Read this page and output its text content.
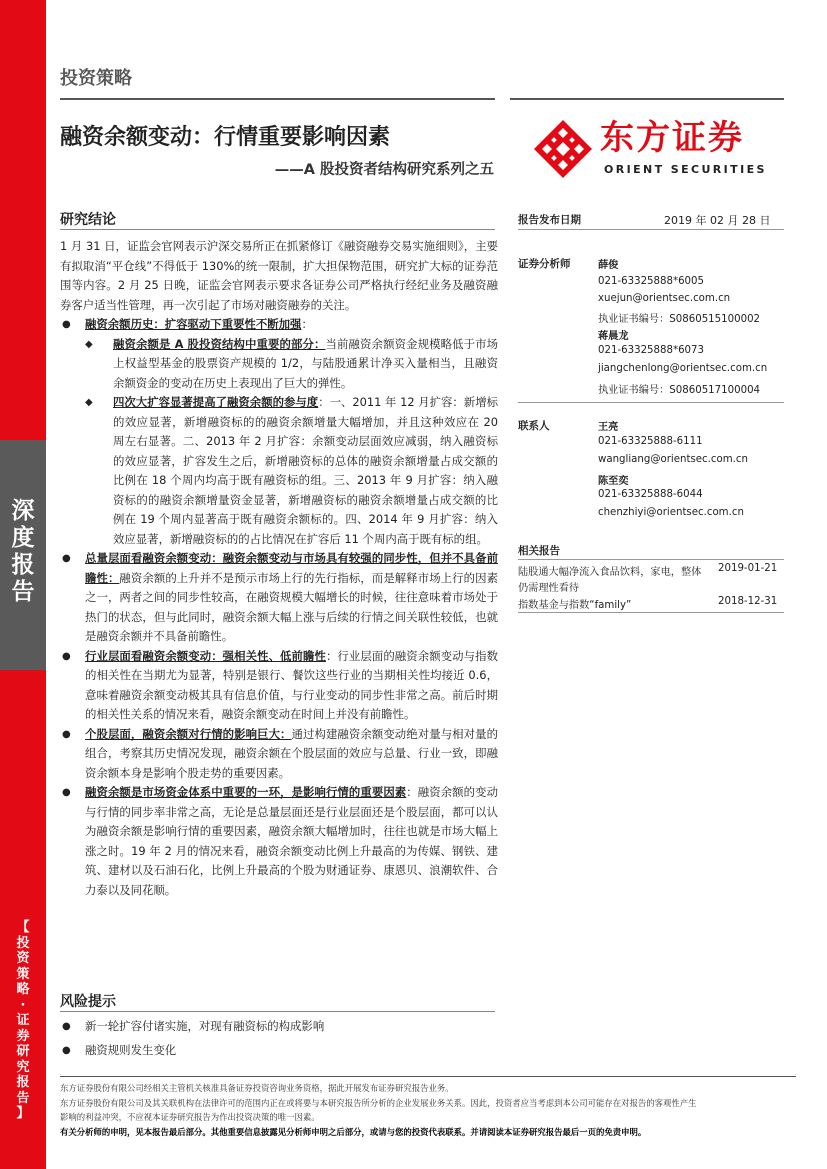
深
度
报
告
【
投
资
策
略
·
证
券
研
究
报
告
】
投资策略
融资余额变动：行情重要影响因素
——A 股投资者结构研究系列之五
东方证券
ORIENT SECURITIES
研究结论

1 月 31 日，证监会官网表示沪深交易所正在抓紧修订《融资融券交易实施细则》，主要有拟取消“平仓线”不得低于 130%的统一限制，扩大担保物范围，研究扩大标的证券范围等内容。2 月 25 日晚，证监会官网表示要求各证券公司严格执行经纪业务及融资融券客户适当性管理，再一次引起了市场对融资融券的关注。

● 融资余额历史：扩容驱动下重要性不断加强：

◆ 融资余额是 A 股投资结构中重要的部分：当前融资余额资金规模略低于市场上权益型基金的股票资产规模的 1/2，与陆股通累计净买入量相当，且融资余额资金的变动在历史上表现出了巨大的弹性。

◆ 四次大扩容显著提高了融资余额的参与度：一、2011 年 12 月扩容：新增标的效应显著，新增融资标的的融资余额增量大幅增加，并且这种效应在 20 周左右显著。二、2013 年 2 月扩容：余额变动层面效应减弱，纳入融资标的效应显著，扩容发生之后，新增融资标的总体的融资余额增量占成交额的比例在 18 个周内均高于既有融资标的组。三、2013 年 9 月扩容：纳入融资标的的融资余额增量资金显著，新增融资标的融资余额增量占成交额的比例在 19 个周内显著高于既有融资余额标的。四、2014 年 9 月扩容：纳入效应显著，新增融资标的的占比情况在扩容后 11 个周内高于既有标的组。

● 总量层面看融资余额变动：融资余额变动与市场具有较强的同步性，但并不具备前瞻性：融资余额的上升并不是预示市场上行的先行指标，而是解释市场上行的因素之一，两者之间的同步性较高，在融资规模大幅增长的时候，往往意味着市场处于热门的状态，但与此同时，融资余额大幅上涨与后续的行情之间关联性较低，也就是融资余额并不具备前瞻性。

● 行业层面看融资余额变动：强相关性、低前瞻性：行业层面的融资余额变动与指数的相关性在当期尤为显著，特别是银行、餐饮这些行业的当期相关性均接近 0.6，意味着融资余额变动极其具有信息价值，与行业变动的同步性非常之高。前后时期的相关性关系的情况来看，融资余额变动在时间上并没有前瞻性。

● 个股层面，融资余额对行情的影响巨大：通过构建融资余额变动绝对量与相对量的组合，考察其历史情况发现，融资余额在个股层面的效应与总量、行业一致，即融资余额本身是影响个股走势的重要因素。

● 融资余额是市场资金体系中重要的一环，是影响行情的重要因素：融资余额的变动与行情的同步率非常之高，无论是总量层面还是行业层面还是个股层面，都可以认为融资余额是影响行情的重要因素，融资余额大幅增加时，往往也就是市场大幅上涨之时。19 年 2 月的情况来看，融资余额变动比例上升最高的为传媒、钢铁、建筑、建材以及石油石化，比例上升最高的个股为财通证券、康恩贝、浪潮软件、合力泰以及同花顺。

风险提示

● 新一轮扩容付诸实施，对现有融资标的构成影响

● 融资规则发生变化

报告发布日期	2019 年 02 月 28 日
证券分析师	薛俊
021-63325888*6005
xuejun@orientsec.com.cn
执业证书编号：S0860515100002
蒋晨龙
021-63325888*6073
jiangchenlong@orientsec.com.cn
执业证书编号：S0860517100004
联系人	王亮
021-63325888-6111
wangliang@orientsec.com.cn
陈至奕
021-63325888-6044
chenzhiyi@orientsec.com.cn
相关报告
陆股通大幅净流入食品饮料，家电，整体 2019-01-21
仍需理性看待
指数基金与指数“family”	2018-12-31
东方证券股份有限公司经相关主管机关核准具备证券投资咨询业务资格，据此开展发布证券研究报告业务。
东方证券股份有限公司及其关联机构在法律许可的范围内正在或将要与本研究报告所分析的企业发展业务关系。因此，投资者应当考虑到本公司可能存在对报告的客观性产生
影响的利益冲突，不应视本证券研究报告为作出投资决策的唯一因素。
有关分析师的申明，见本报告最后部分。其他重要信息披露见分析师申明之后部分，或请与您的投资代表联系。并请阅读本证券研究报告最后一页的免责申明。
